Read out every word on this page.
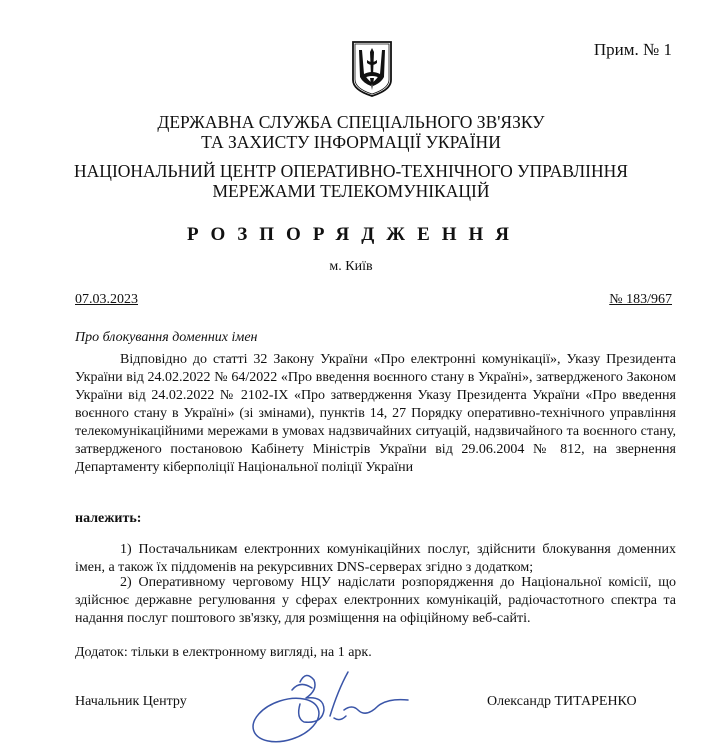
Прим. № 1
ДЕРЖАВНА СЛУЖБА СПЕЦІАЛЬНОГО ЗВ'ЯЗКУ
ТА ЗАХИСТУ ІНФОРМАЦІЇ УКРАЇНИ
НАЦІОНАЛЬНИЙ ЦЕНТР ОПЕРАТИВНО-ТЕХНІЧНОГО УПРАВЛІННЯ
МЕРЕЖАМИ ТЕЛЕКОМУНІКАЦІЙ
РОЗПОРЯДЖЕННЯ
м. Київ
07.03.2023	№ 183/967
Про блокування доменних імен
Відповідно до статті 32 Закону України «Про електронні комунікації», Указу Президента України від 24.02.2022 № 64/2022 «Про введення воєнного стану в Україні», затвердженого Законом України від 24.02.2022 № 2102-IX «Про затвердження Указу Президента України «Про введення воєнного стану в Україні» (зі змінами), пунктів 14, 27 Порядку оперативно-технічного управління телекомунікаційними мережами в умовах надзвичайних ситуацій, надзвичайного та воєнного стану, затвердженого постановою Кабінету Міністрів України від 29.06.2004 № 812, на звернення Департаменту кіберполіції Національної поліції України
належить:
1) Постачальникам електронних комунікаційних послуг, здійснити блокування доменних імен, а також їх піддоменів на рекурсивних DNS-серверах згідно з додатком;
2) Оперативному черговому НЦУ надіслати розпорядження до Національної комісії, що здійснює державне регулювання у сферах електронних комунікацій, радіочастотного спектра та надання послуг поштового зв'язку, для розміщення на офіційному веб-сайті.
Додаток: тільки в електронному вигляді, на 1 арк.
Начальник Центру	Олександр ТИТАРЕНКО
